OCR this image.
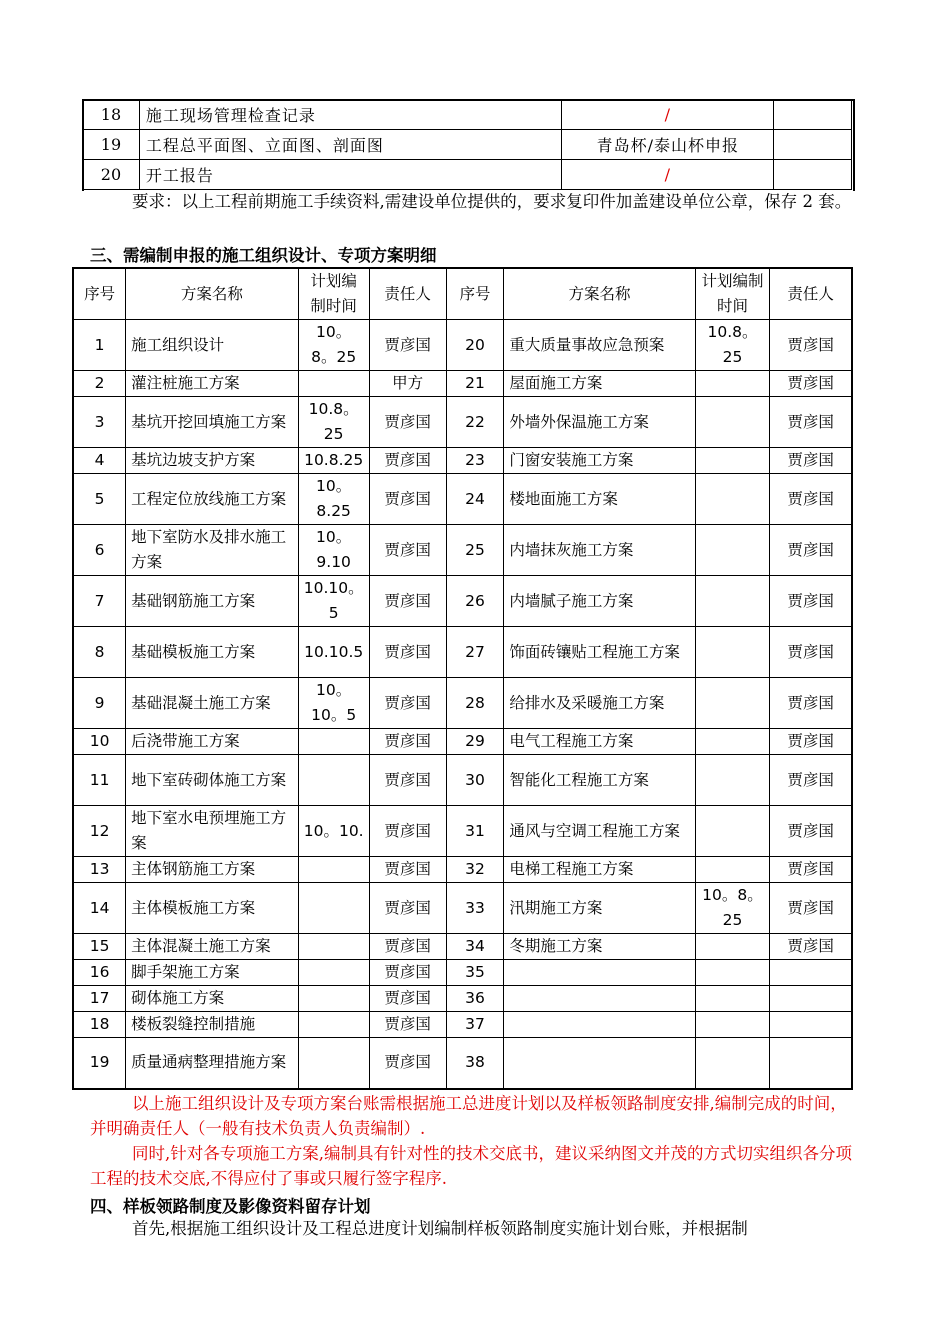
18	施工现场管理检查记录	/	
19	工程总平面图、立面图、剖面图	青岛杯/泰山杯申报	
20	开工报告	/	
要求：以上工程前期施工手续资料,需建设单位提供的，要求复印件加盖建设单位公章，保存 2 套。
三、需编制申报的施工组织设计、专项方案明细
序号	方案名称	计划编制时间	责任人	序号	方案名称	计划编制时间	责任人
1	施工组织设计	10。8。25	贾彦国	20	重大质量事故应急预案	10.8。25	贾彦国
2	灌注桩施工方案		甲方	21	屋面施工方案		贾彦国
3	基坑开挖回填施工方案	10.8。25	贾彦国	22	外墙外保温施工方案		贾彦国
4	基坑边坡支护方案	10.8.25	贾彦国	23	门窗安装施工方案		贾彦国
5	工程定位放线施工方案	10。8.25	贾彦国	24	楼地面施工方案		贾彦国
6	地下室防水及排水施工方案	10。9.10	贾彦国	25	内墙抹灰施工方案		贾彦国
7	基础钢筋施工方案	10.10。5	贾彦国	26	内墙腻子施工方案		贾彦国
8	基础模板施工方案	10.10.5	贾彦国	27	饰面砖镶贴工程施工方案		贾彦国
9	基础混凝土施工方案	10。10。5	贾彦国	28	给排水及采暖施工方案		贾彦国
10	后浇带施工方案		贾彦国	29	电气工程施工方案		贾彦国
11	地下室砖砌体施工方案		贾彦国	30	智能化工程施工方案		贾彦国
12	地下室水电预埋施工方案	10。10.	贾彦国	31	通风与空调工程施工方案		贾彦国
13	主体钢筋施工方案		贾彦国	32	电梯工程施工方案		贾彦国
14	主体模板施工方案		贾彦国	33	汛期施工方案	10。8。25	贾彦国
15	主体混凝土施工方案		贾彦国	34	冬期施工方案		贾彦国
16	脚手架施工方案		贾彦国	35			
17	砌体施工方案		贾彦国	36			
18	楼板裂缝控制措施		贾彦国	37			
19	质量通病整理措施方案		贾彦国	38			
以上施工组织设计及专项方案台账需根据施工总进度计划以及样板领路制度安排,编制完成的时间，并明确责任人（一般有技术负责人负责编制）.
同时,针对各专项施工方案,编制具有针对性的技术交底书，建议采纳图文并茂的方式切实组织各分项工程的技术交底,不得应付了事或只履行签字程序.
四、样板领路制度及影像资料留存计划
首先,根据施工组织设计及工程总进度计划编制样板领路制度实施计划台账，并根据制
